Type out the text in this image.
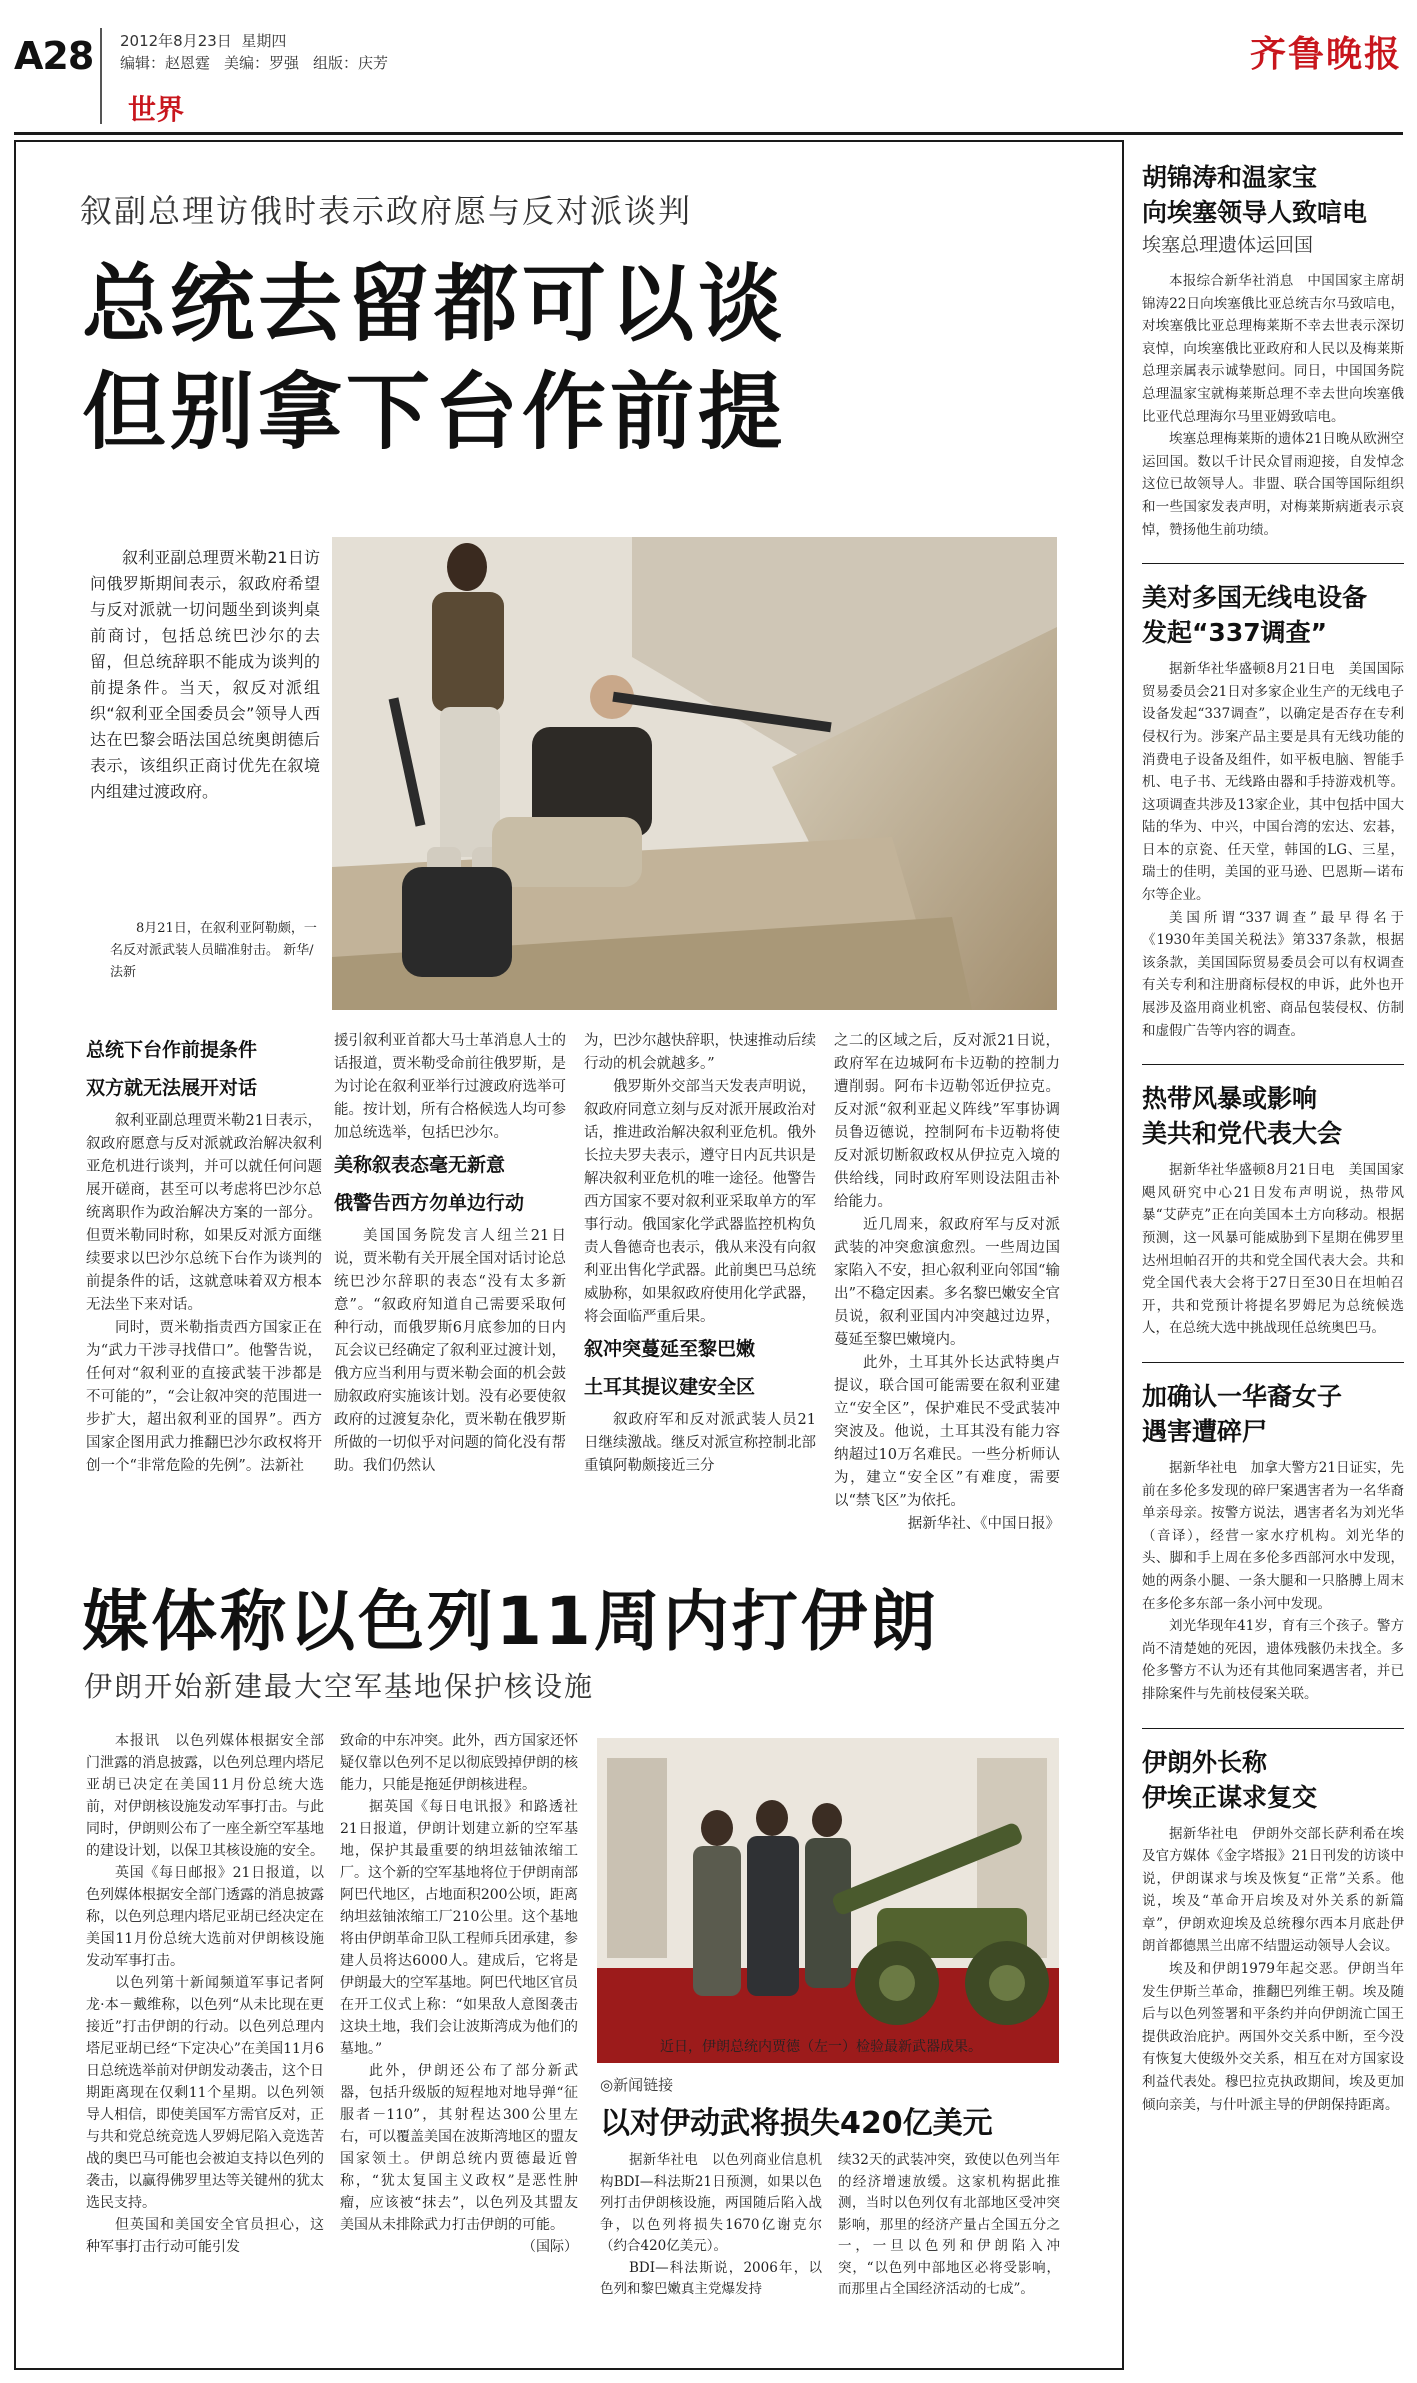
A28 2012年8月23日 星期四
编辑：赵恩霆 美编：罗强 组版：庆芳
世界
齐鲁晚报
叙副总理访俄时表示政府愿与反对派谈判
总统去留都可以谈
但别拿下台作前提
叙利亚副总理贾米勒21日访问俄罗斯期间表示，叙政府希望与反对派就一切问题坐到谈判桌前商讨，包括总统巴沙尔的去留，但总统辞职不能成为谈判的前提条件。当天，叙反对派组织“叙利亚全国委员会”领导人西达在巴黎会晤法国总统奥朗德后表示，该组织正商讨优先在叙境内组建过渡政府。
8月21日，在叙利亚阿勒颇，一名反对派武装人员瞄准射击。 新华/法新
总统下台作前提条件
双方就无法展开对话

叙利亚副总理贾米勒21日表示，叙政府愿意与反对派就政治解决叙利亚危机进行谈判，并可以就任何问题展开磋商，甚至可以考虑将巴沙尔总统离职作为政治解决方案的一部分。但贾米勒同时称，如果反对派方面继续要求以巴沙尔总统下台作为谈判的前提条件的话，这就意味着双方根本无法坐下来对话。

同时，贾米勒指责西方国家正在为“武力干涉寻找借口”。他警告说，任何对“叙利亚的直接武装干涉都是不可能的”，“会让叙冲突的范围进一步扩大，超出叙利亚的国界”。西方国家企图用武力推翻巴沙尔政权将开创一个“非常危险的先例”。法新社

援引叙利亚首都大马士革消息人士的话报道，贾米勒受命前往俄罗斯，是为讨论在叙利亚举行过渡政府选举可能。按计划，所有合格候选人均可参加总统选举，包括巴沙尔。

美称叙表态毫无新意
俄警告西方勿单边行动

美国国务院发言人纽兰21日说，贾米勒有关开展全国对话讨论总统巴沙尔辞职的表态“没有太多新意”。“叙政府知道自己需要采取何种行动，而俄罗斯6月底参加的日内瓦会议已经确定了叙利亚过渡计划，俄方应当利用与贾米勒会面的机会鼓励叙政府实施该计划。没有必要使叙政府的过渡复杂化，贾米勒在俄罗斯所做的一切似乎对问题的简化没有帮助。我们仍然认

为，巴沙尔越快辞职，快速推动后续行动的机会就越多。”

俄罗斯外交部当天发表声明说，叙政府同意立刻与反对派开展政治对话，推进政治解决叙利亚危机。俄外长拉夫罗夫表示，遵守日内瓦共识是解决叙利亚危机的唯一途径。他警告西方国家不要对叙利亚采取单方的军事行动。俄国家化学武器监控机构负责人鲁德奇也表示，俄从来没有向叙利亚出售化学武器。此前奥巴马总统威胁称，如果叙政府使用化学武器，将会面临严重后果。

叙冲突蔓延至黎巴嫩
土耳其提议建安全区

叙政府军和反对派武装人员21日继续激战。继反对派宣称控制北部重镇阿勒颇接近三分

之二的区域之后，反对派21日说，政府军在边城阿布卡迈勒的控制力遭削弱。阿布卡迈勒邻近伊拉克。反对派“叙利亚起义阵线”军事协调员鲁迈德说，控制阿布卡迈勒将使反对派切断叙政权从伊拉克入境的供给线，同时政府军则设法阻击补给能力。

近几周来，叙政府军与反对派武装的冲突愈演愈烈。一些周边国家陷入不安，担心叙利亚向邻国“输出”不稳定因素。多名黎巴嫩安全官员说，叙利亚国内冲突越过边界，蔓延至黎巴嫩境内。

此外，土耳其外长达武特奥卢提议，联合国可能需要在叙利亚建立“安全区”，保护难民不受武装冲突波及。他说，土耳其没有能力容纳超过10万名难民。一些分析师认为，建立“安全区”有难度，需要以“禁飞区”为依托。

据新华社、《中国日报》

媒体称以色列11周内打伊朗
伊朗开始新建最大空军基地保护核设施

本报讯　以色列媒体根据安全部门泄露的消息披露，以色列总理内塔尼亚胡已决定在美国11月份总统大选前，对伊朗核设施发动军事打击。与此同时，伊朗则公布了一座全新空军基地的建设计划，以保卫其核设施的安全。

英国《每日邮报》21日报道，以色列媒体根据安全部门透露的消息披露称，以色列总理内塔尼亚胡已经决定在美国11月份总统大选前对伊朗核设施发动军事打击。

以色列第十新闻频道军事记者阿龙·本－戴维称，以色列“从未比现在更接近”打击伊朗的行动。以色列总理内塔尼亚胡已经“下定决心”在美国11月6日总统选举前对伊朗发动袭击，这个日期距离现在仅剩11个星期。以色列领导人相信，即使美国军方需官反对，正与共和党总统竞选人罗姆尼陷入竞选苦战的奥巴马可能也会被迫支持以色列的袭击，以赢得佛罗里达等关键州的犹太选民支持。

但英国和美国安全官员担心，这种军事打击行动可能引发

致命的中东冲突。此外，西方国家还怀疑仅靠以色列不足以彻底毁掉伊朗的核能力，只能是拖延伊朗核进程。

据英国《每日电讯报》和路透社21日报道，伊朗计划建立新的空军基地，保护其最重要的纳坦兹铀浓缩工厂。这个新的空军基地将位于伊朗南部阿巴代地区，占地面积200公顷，距离纳坦兹铀浓缩工厂210公里。这个基地将由伊朗革命卫队工程师兵团承建，参建人员将达6000人。建成后，它将是伊朗最大的空军基地。阿巴代地区官员在开工仪式上称：“如果敌人意图袭击这块土地，我们会让波斯湾成为他们的墓地。”

此外，伊朗还公布了部分新武器，包括升级版的短程地对地导弹“征服者－110”，其射程达300公里左右，可以覆盖美国在波斯湾地区的盟友国家领土。伊朗总统内贾德最近曾称，“犹太复国主义政权”是恶性肿瘤，应该被“抹去”，以色列及其盟友美国从未排除武力打击伊朗的可能。

（国际）

近日，伊朗总统内贾德（左一）检验最新武器成果。
◎新闻链接
以对伊动武将损失420亿美元

据新华社电　以色列商业信息机构BDI—科法斯21日预测，如果以色列打击伊朗核设施，两国随后陷入战争，以色列将损失1670亿谢克尔（约合420亿美元）。

BDI—科法斯说，2006年，以色列和黎巴嫩真主党爆发持

续32天的武装冲突，致使以色列当年的经济增速放缓。这家机构据此推测，当时以色列仅有北部地区受冲突影响，那里的经济产量占全国五分之一，一旦以色列和伊朗陷入冲突，“以色列中部地区必将受影响，而那里占全国经济活动的七成”。

胡锦涛和温家宝
向埃塞领导人致唁电
埃塞总理遗体运回国

本报综合新华社消息　中国国家主席胡锦涛22日向埃塞俄比亚总统吉尔马致唁电，对埃塞俄比亚总理梅莱斯不幸去世表示深切哀悼，向埃塞俄比亚政府和人民以及梅莱斯总理亲属表示诚挚慰问。同日，中国国务院总理温家宝就梅莱斯总理不幸去世向埃塞俄比亚代总理海尔马里亚姆致唁电。

埃塞总理梅莱斯的遗体21日晚从欧洲空运回国。数以千计民众冒雨迎接，自发悼念这位已故领导人。非盟、联合国等国际组织和一些国家发表声明，对梅莱斯病逝表示哀悼，赞扬他生前功绩。

美对多国无线电设备
发起“337调查”

据新华社华盛顿8月21日电　美国国际贸易委员会21日对多家企业生产的无线电子设备发起“337调查”，以确定是否存在专利侵权行为。涉案产品主要是具有无线功能的消费电子设备及组件，如平板电脑、智能手机、电子书、无线路由器和手持游戏机等。这项调查共涉及13家企业，其中包括中国大陆的华为、中兴，中国台湾的宏达、宏碁，日本的京瓷、任天堂，韩国的LG、三星，瑞士的佳明，美国的亚马逊、巴恩斯—诺布尔等企业。

美国所谓“337调查”最早得名于《1930年美国关税法》第337条款，根据该条款，美国国际贸易委员会可以有权调查有关专利和注册商标侵权的申诉，此外也开展涉及盗用商业机密、商品包装侵权、仿制和虚假广告等内容的调查。

热带风暴或影响
美共和党代表大会

据新华社华盛顿8月21日电　美国国家飓风研究中心21日发布声明说，热带风暴“艾萨克”正在向美国本土方向移动。根据预测，这一风暴可能威胁到下星期在佛罗里达州坦帕召开的共和党全国代表大会。共和党全国代表大会将于27日至30日在坦帕召开，共和党预计将提名罗姆尼为总统候选人，在总统大选中挑战现任总统奥巴马。

加确认一华裔女子
遇害遭碎尸

据新华社电　加拿大警方21日证实，先前在多伦多发现的碎尸案遇害者为一名华裔单亲母亲。按警方说法，遇害者名为刘光华（音译），经营一家水疗机构。刘光华的头、脚和手上周在多伦多西部河水中发现，她的两条小腿、一条大腿和一只胳膊上周末在多伦多东部一条小河中发现。

刘光华现年41岁，育有三个孩子。警方尚不清楚她的死因，遗体残骸仍未找全。多伦多警方不认为还有其他同案遇害者，并已排除案件与先前枝侵案关联。

伊朗外长称
伊埃正谋求复交

据新华社电　伊朗外交部长萨利希在埃及官方媒体《金字塔报》21日刊发的访谈中说，伊朗谋求与埃及恢复“正常”关系。他说，埃及“革命开启埃及对外关系的新篇章”，伊朗欢迎埃及总统穆尔西本月底赴伊朗首都德黑兰出席不结盟运动领导人会议。

埃及和伊朗1979年起交恶。伊朗当年发生伊斯兰革命，推翻巴列维王朝。埃及随后与以色列签署和平条约并向伊朗流亡国王提供政治庇护。两国外交关系中断，至今没有恢复大使级外交关系，相互在对方国家设利益代表处。穆巴拉克执政期间，埃及更加倾向亲美，与什叶派主导的伊朗保持距离。
